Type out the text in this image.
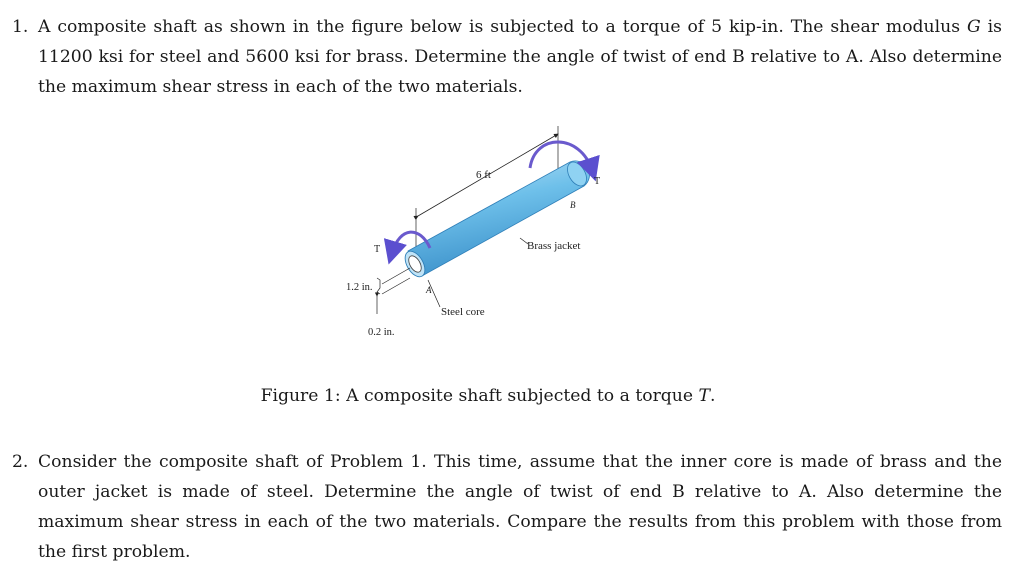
1. A composite shaft as shown in the figure below is subjected to a torque of 5 kip-in. The shear modulus G is 11200 ksi for steel and 5600 ksi for brass. Determine the angle of twist of end B relative to A. Also determine the maximum shear stress in each of the two materials.
6 ft
T
B
T
A
Brass jacket
Steel core
1.2 in.
0.2 in.
Figure 1: A composite shaft subjected to a torque T.
2. Consider the composite shaft of Problem 1. This time, assume that the inner core is made of brass and the outer jacket is made of steel. Determine the angle of twist of end B relative to A. Also determine the maximum shear stress in each of the two materials. Compare the results from this problem with those from the first problem.
